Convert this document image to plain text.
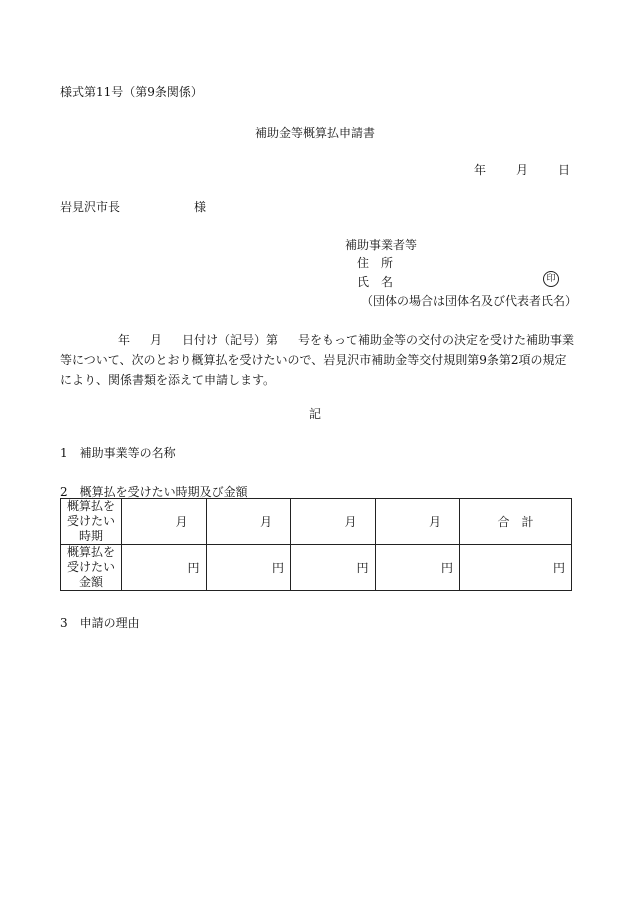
様式第11号（第9条関係）
補助金等概算払申請書
年	月	日
岩見沢市長	様
補助事業者等
住　所
氏　名	印
（団体の場合は団体名及び代表者氏名）
年 月 日付け（記号）第 号をもって補助金等の交付の決定を受けた補助事業等について、次のとおり概算払を受けたいので、岩見沢市補助金等交付規則第9条第2項の規定により、関係書類を添えて申請します。
記
1　補助事業等の名称
2　概算払を受けたい時期及び金額
概算払を
受けたい
時期	月	月	月	月	合　計
概算払を
受けたい
金額	円	円	円	円	円
3　申請の理由
